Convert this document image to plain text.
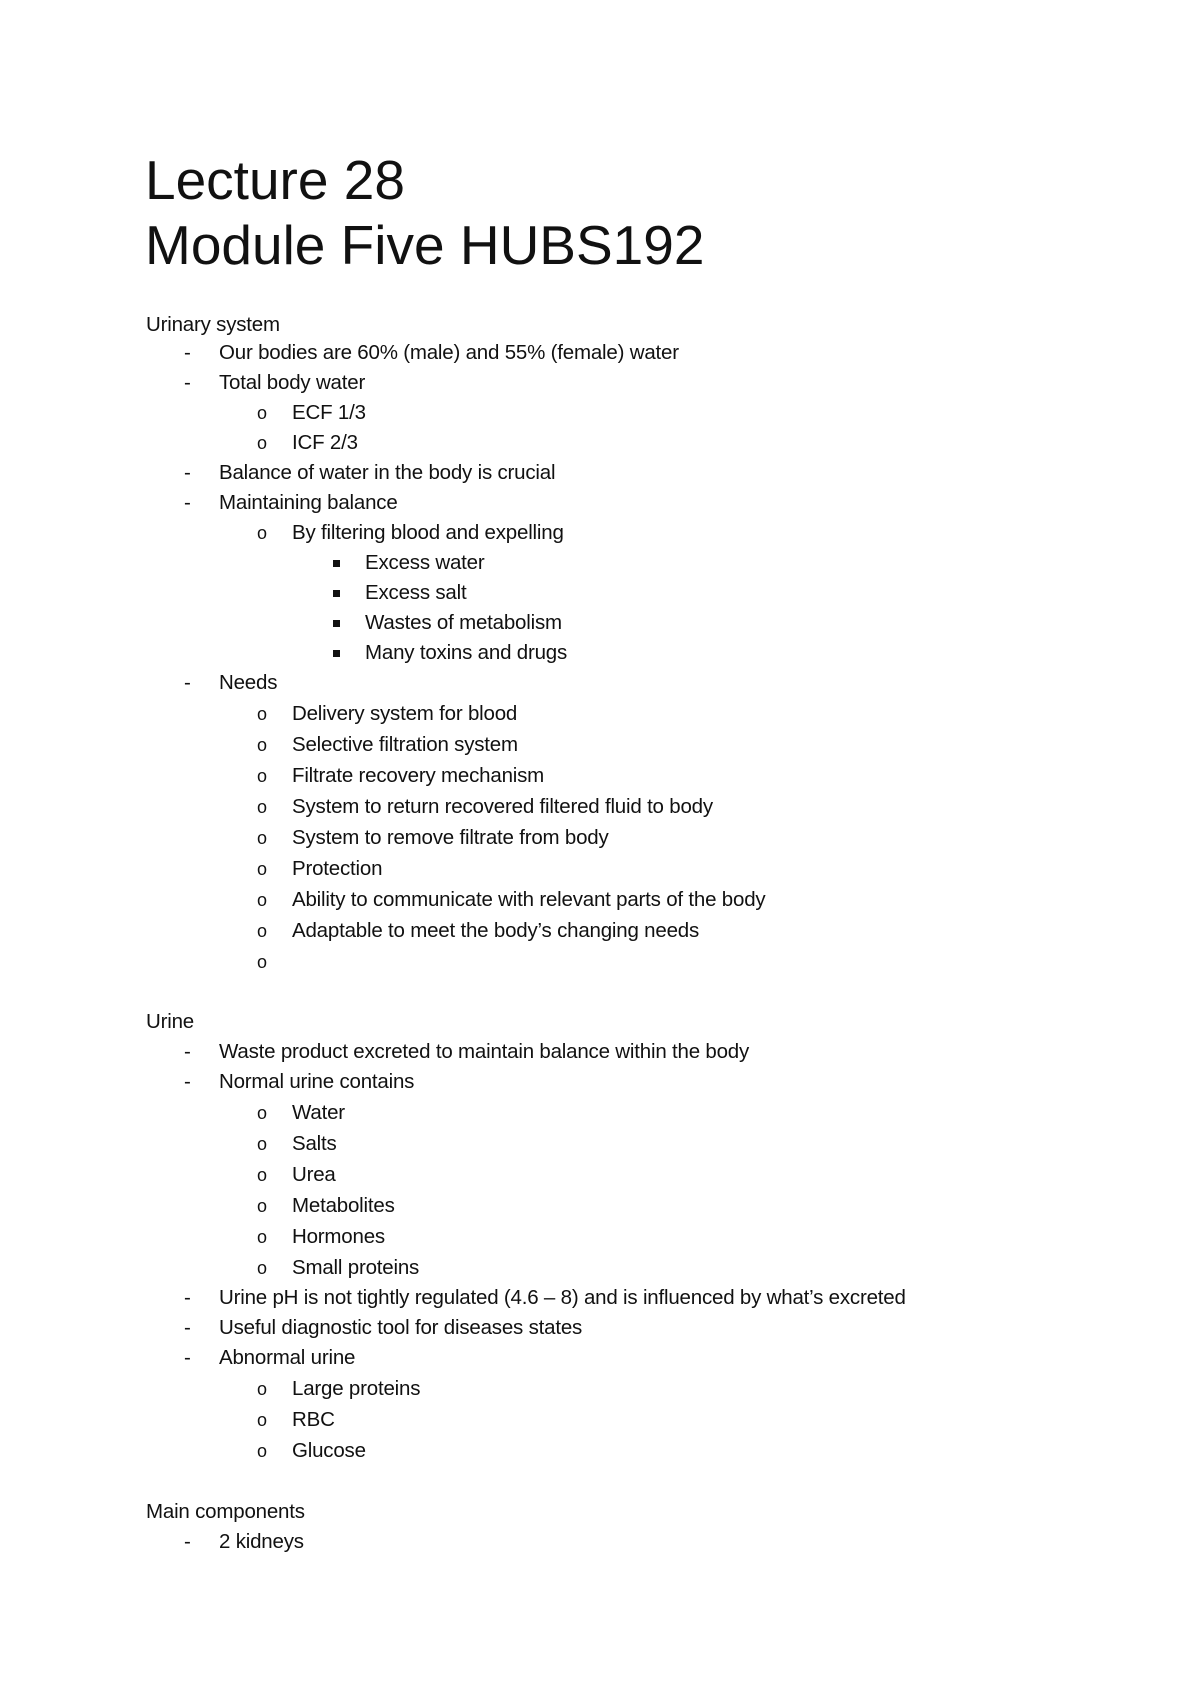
Lecture 28
Module Five HUBS192
Urinary system
- Our bodies are 60% (male) and 55% (female) water
- Total body water
o ECF 1/3
o ICF 2/3
- Balance of water in the body is crucial
- Maintaining balance
o By filtering blood and expelling
Excess water
Excess salt
Wastes of metabolism
Many toxins and drugs
- Needs
o Delivery system for blood
o Selective filtration system
o Filtrate recovery mechanism
o System to return recovered filtered fluid to body
o System to remove filtrate from body
o Protection
o Ability to communicate with relevant parts of the body
o Adaptable to meet the body’s changing needs
o
Urine
- Waste product excreted to maintain balance within the body
- Normal urine contains
o Water
o Salts
o Urea
o Metabolites
o Hormones
o Small proteins
- Urine pH is not tightly regulated (4.6 – 8) and is influenced by what’s excreted
- Useful diagnostic tool for diseases states
- Abnormal urine
o Large proteins
o RBC
o Glucose
Main components
- 2 kidneys
